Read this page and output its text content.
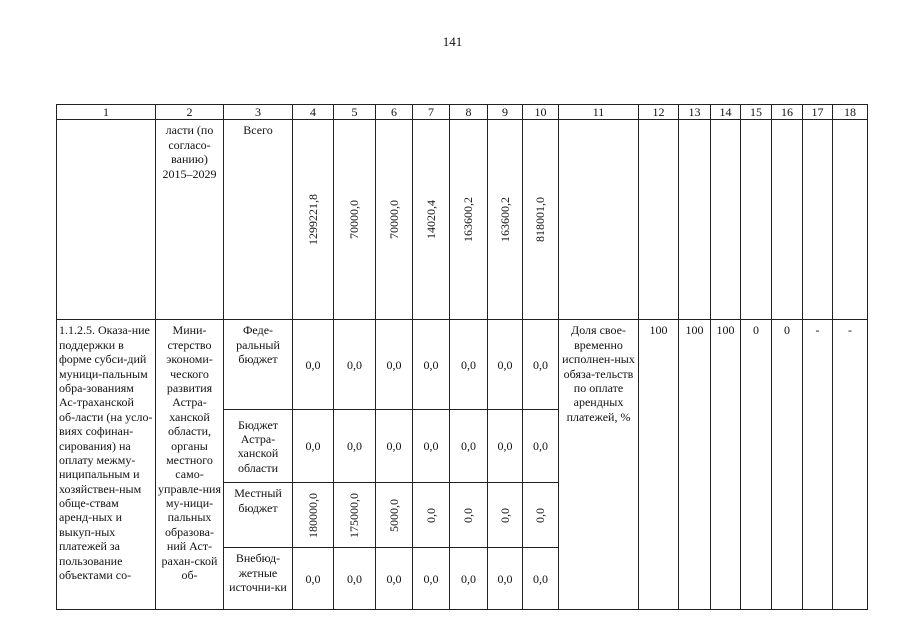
141
1	2	3	4	5	6	7	8	9	10	11	12	13	14	15	16	17	18
	ласти (по согласо-ванию) 2015–2029	Всего	1299221,8	70000,0	70000,0	14020,4	163600,2	163600,2	818001,0								

1.1.2.5. Оказа-ние поддержки в форме субси-дий муници-пальным обра-зованиям Ас-траханской об-ласти (на усло-виях софинан-сирования) на оплату межму-ниципальным и хозяйствен-ным обще-ствам аренд-ных и выкуп-ных платежей за пользование объектами со-	Мини-стерство экономи-ческого развития Астра-ханской области, органы местного само-управле-ния му-ници-пальных образова-ний Аст-рахан-ской об-	Феде-ральный бюджет	0,0	0,0	0,0	0,0	0,0	0,0	0,0	Доля свое-временно исполнен-ных обяза-тельств по оплате арендных платежей, %	100	100	100	0	0	-	-
		Бюджет Астра-ханской области	0,0	0,0	0,0	0,0	0,0	0,0	0,0								
		Местный бюджет	180000,0	175000,0	5000,0	0,0	0,0	0,0	0,0								

		Внебюд-жетные источни-ки	0,0	0,0	0,0	0,0	0,0	0,0	0,0								
